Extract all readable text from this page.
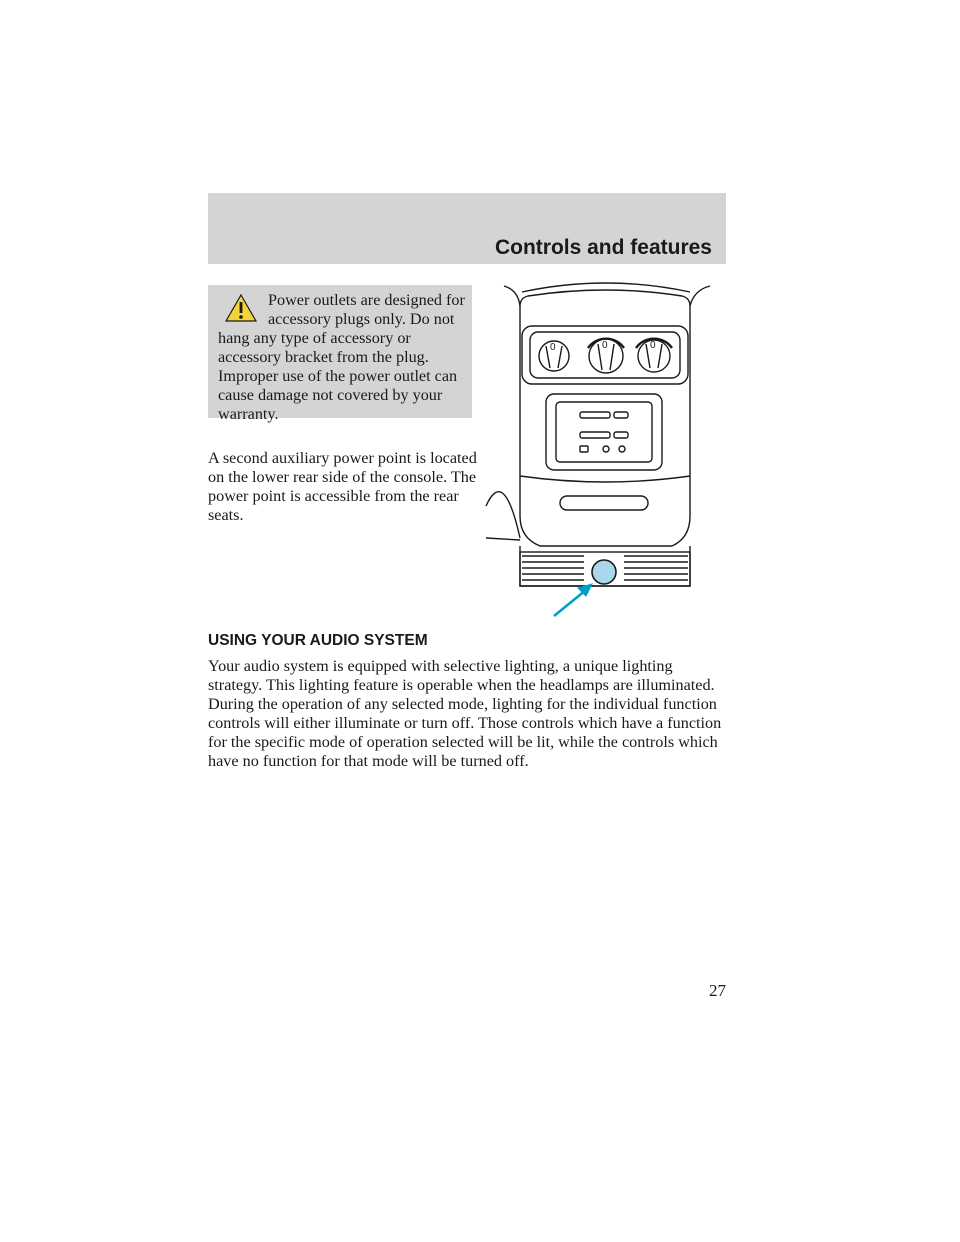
Controls and features

Power outlets are designed for accessory plugs only. Do not hang any type of accessory or accessory bracket from the plug. Improper use of the power outlet can cause damage not covered by your warranty.

A second auxiliary power point is located on the lower rear side of the console. The power point is accessible from the rear seats.

0	0	0
USING YOUR AUDIO SYSTEM

Your audio system is equipped with selective lighting, a unique lighting strategy. This lighting feature is operable when the headlamps are illuminated. During the operation of any selected mode, lighting for the individual function controls will either illuminate or turn off. Those controls which have a function for the specific mode of operation selected will be lit, while the controls which have no function for that mode will be turned off.

27
